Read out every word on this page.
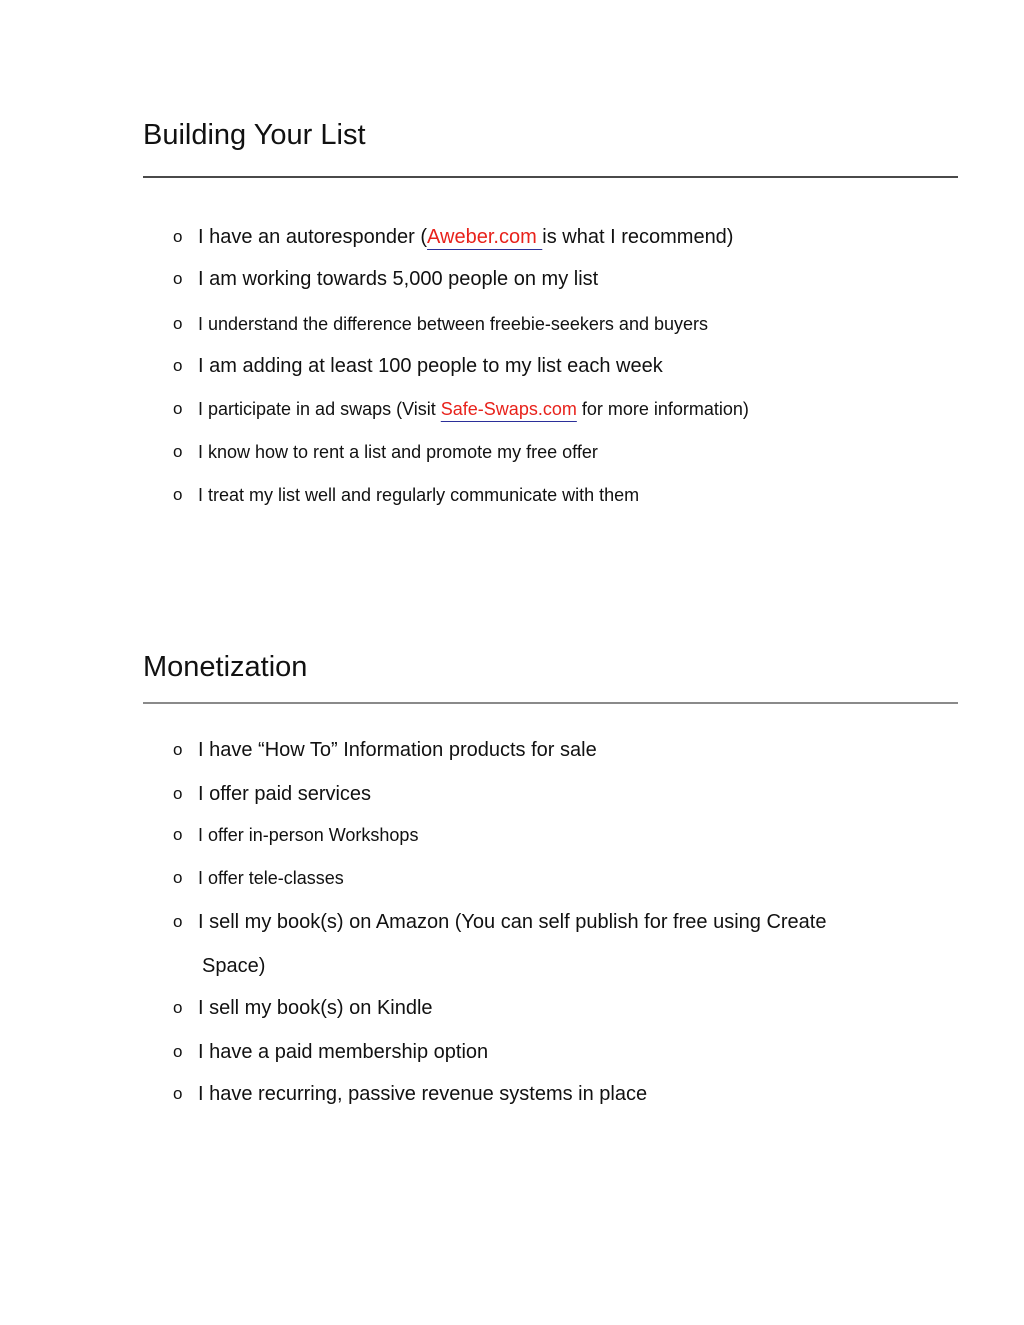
Building Your List
o I have an autoresponder (Aweber.com is what I recommend)
o I am working towards 5,000 people on my list
o I understand the difference between freebie-seekers and buyers
o I am adding at least 100 people to my list each week
o I participate in ad swaps (Visit Safe-Swaps.com for more information)
o I know how to rent a list and promote my free offer
o I treat my list well and regularly communicate with them
Monetization
o I have “How To” Information products for sale
o I offer paid services
o I offer in-person Workshops
o I offer tele-classes
o I sell my book(s) on Amazon (You can self publish for free using Create
Space)
o I sell my book(s) on Kindle
o I have a paid membership option
o I have recurring, passive revenue systems in place
